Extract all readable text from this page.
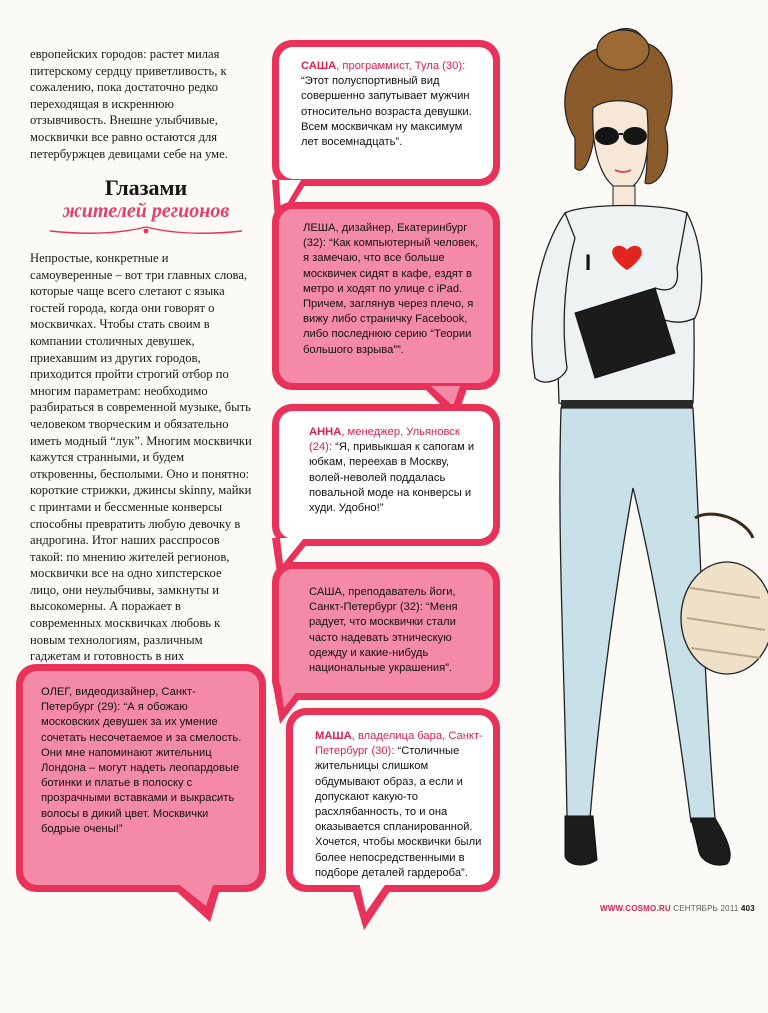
европейских городов: растет милая питерскому сердцу приветливость, к сожалению, пока достаточно редко переходящая в искреннюю отзывчивость. Внешне улыбчивые, москвички все равно остаются для петербуржцев девицами себе на уме.

Глазами
жителей регионов

Непростые, конкретные и самоуверенные – вот три главных слова, которые чаще всего слетают с языка гостей города, когда они говорят о москвичках. Чтобы стать своим в компании столичных девушек, приехавшим из других городов, приходится пройти строгий отбор по многим параметрам: необходимо разбираться в современной музыке, быть человеком творческим и обязательно иметь модный “лук”. Многим москвички кажутся странными, и будем откровенны, бесполыми. Оно и понятно: короткие стрижки, джинсы skinny, майки с принтами и бессменные конверсы способны превратить любую девочку в андрогина. Итог наших расспросов такой: по мнению жителей регионов, москвички все на одно хипстерское лицо, они неулыбчивы, замкнуты и высокомерны. А поражает в современных москвичках любовь к новым технологиям, различным гаджетам и готовность в них

САША, программист, Тула (30): “Этот полуспортивный вид совершенно запутывает мужчин относительно возраста девушки. Всем москвичкам ну максимум лет восемнадцать”.
ЛЕША, дизайнер, Екатеринбург (32): “Как компьютерный человек, я замечаю, что все больше москвичек сидят в кафе, ездят в метро и ходят по улице с iPad. Причем, заглянув через плечо, я вижу либо страничку Facebook, либо последнюю серию “Теории большого взрыва””.
АННА, менеджер, Ульяновск (24): “Я, привыкшая к сапогам и юбкам, переехав в Москву, волей-неволей поддалась повальной моде на конверсы и худи. Удобно!”
САША, преподаватель йоги, Санкт-Петербург (32): “Меня радует, что москвички стали часто надевать этническую одежду и какие-нибудь национальные украшения”.
ОЛЕГ, видеодизайнер, Санкт-Петербург (29): “А я обожаю московских девушек за их умение сочетать несочетаемое и за смелость. Они мне напоминают жительниц Лондона – могут надеть леопардовые ботинки и платье в полоску с прозрачными вставками и выкрасить волосы в дикий цвет. Москвички бодрые очены!”
МАША, владелица бара, Санкт-Петербург (30): “Столичные жительницы слишком обдумывают образ, а если и допускают какую-то расхлябанность, то и она оказывается спланированной. Хочется, чтобы москвички были более непосредственными в подборе деталей гардероба”.
I
WWW.COSMO.RU СЕНТЯБРЬ 2011 403
